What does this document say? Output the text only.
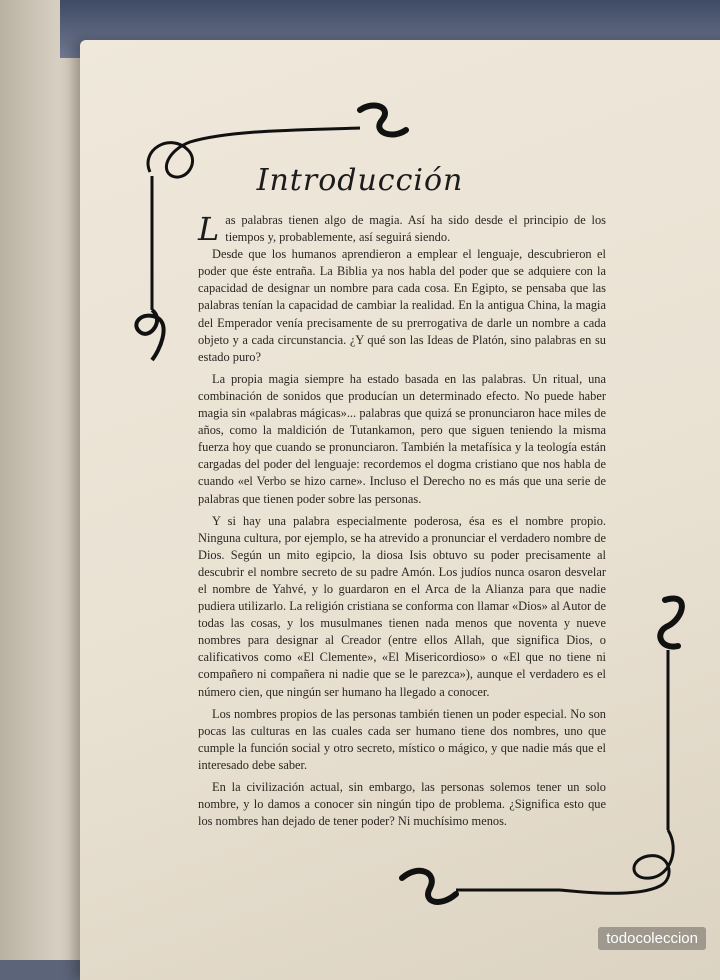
Introducción

Las palabras tienen algo de magia. Así ha sido desde el principio de los tiempos y, probablemente, así seguirá siendo.

Desde que los humanos aprendieron a emplear el lenguaje, descubrieron el poder que éste entraña. La Biblia ya nos habla del poder que se adquiere con la capacidad de designar un nombre para cada cosa. En Egipto, se pensaba que las palabras tenían la capacidad de cambiar la realidad. En la antigua China, la magia del Emperador venía precisamente de su prerrogativa de darle un nombre a cada objeto y a cada circunstancia. ¿Y qué son las Ideas de Platón, sino palabras en su estado puro?

La propia magia siempre ha estado basada en las palabras. Un ritual, una combinación de sonidos que producían un determinado efecto. No puede haber magia sin «palabras mágicas»... palabras que quizá se pronunciaron hace miles de años, como la maldición de Tutankamon, pero que siguen teniendo la misma fuerza hoy que cuando se pronunciaron. También la metafísica y la teología están cargadas del poder del lenguaje: recordemos el dogma cristiano que nos habla de cuando «el Verbo se hizo carne». Incluso el Derecho no es más que una serie de palabras que tienen poder sobre las personas.

Y si hay una palabra especialmente poderosa, ésa es el nombre propio. Ninguna cultura, por ejemplo, se ha atrevido a pronunciar el verdadero nombre de Dios. Según un mito egipcio, la diosa Isis obtuvo su poder precisamente al descubrir el nombre secreto de su padre Amón. Los judíos nunca osaron desvelar el nombre de Yahvé, y lo guardaron en el Arca de la Alianza para que nadie pudiera utilizarlo. La religión cristiana se conforma con llamar «Dios» al Autor de todas las cosas, y los musulmanes tienen nada menos que noventa y nueve nombres para designar al Creador (entre ellos Allah, que significa Dios, o calificativos como «El Clemente», «El Misericordioso» o «El que no tiene ni compañero ni compañera ni nadie que se le parezca»), aunque el verdadero es el número cien, que ningún ser humano ha llegado a conocer.

Los nombres propios de las personas también tienen un poder especial. No son pocas las culturas en las cuales cada ser humano tiene dos nombres, uno que cumple la función social y otro secreto, místico o mágico, y que nadie más que el interesado debe saber.

En la civilización actual, sin embargo, las personas solemos tener un solo nombre, y lo damos a conocer sin ningún tipo de problema. ¿Significa esto que los nombres han dejado de tener poder? Ni muchísimo menos.

todocoleccion
